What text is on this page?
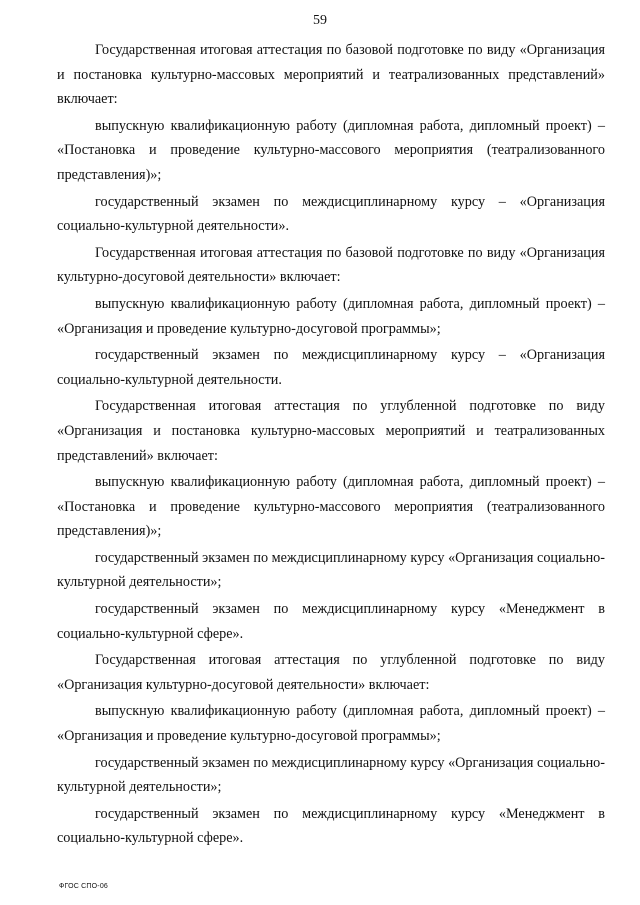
59

Государственная итоговая аттестация по базовой подготовке по виду «Организация и постановка культурно-массовых мероприятий и театрализованных представлений» включает:

выпускную квалификационную работу (дипломная работа, дипломный проект) – «Постановка и проведение культурно-массового мероприятия (театрализованного представления)»;

государственный экзамен по междисциплинарному курсу – «Организация социально-культурной деятельности».

Государственная итоговая аттестация по базовой подготовке по виду «Организация культурно-досуговой деятельности» включает:

выпускную квалификационную работу (дипломная работа, дипломный проект) – «Организация и проведение культурно-досуговой программы»;

государственный экзамен по междисциплинарному курсу – «Организация социально-культурной деятельности.

Государственная итоговая аттестация по углубленной подготовке по виду «Организация и постановка культурно-массовых мероприятий и театрализованных представлений» включает:

выпускную квалификационную работу (дипломная работа, дипломный проект) – «Постановка и проведение культурно-массового мероприятия (театрализованного представления)»;

государственный экзамен по междисциплинарному курсу «Организация социально-культурной деятельности»;

государственный экзамен по междисциплинарному курсу «Менеджмент в социально-культурной сфере».

Государственная итоговая аттестация по углубленной подготовке по виду «Организация культурно-досуговой деятельности» включает:

выпускную квалификационную работу (дипломная работа, дипломный проект) – «Организация и проведение культурно-досуговой программы»;

государственный экзамен по междисциплинарному курсу «Организация социально-культурной деятельности»;

государственный экзамен по междисциплинарному курсу «Менеджмент в социально-культурной сфере».

ФГОС СПО-06
